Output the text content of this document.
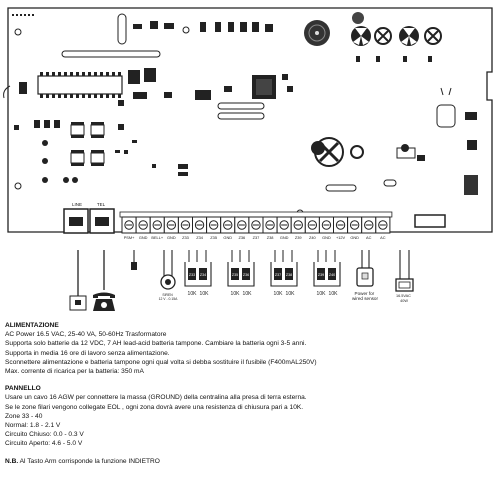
LINE	TEL
PSM+ GND BELL+ GND Z33 Z34 Z35 GND Z36 Z37 Z38 GND Z39 Z40 GND +12V GND AC AC
SIREN 12 V - 0.15A
Z33 Z34
10K 10K
Z35 Z36
10K 10K
Z37 Z38
10K 10K
Z39 Z40
10K 10K	Power for wired sensor	16.5VAC 40W
ALIMENTAZIONE
AC Power 16.5 VAC, 25-40 VA, 50-60Hz Trasformatore
Supporta solo batterie da 12 VDC, 7 AH lead-acid batteria tampone. Cambiare la batteria ogni 3-5 anni.
Supporta in media 16 ore di lavoro senza alimentazione.
Sconnettere alimentazione e batteria tampone ogni qual volta si debba sostituire il fusibile (F400mAL250V)
Max. corrente di ricarica per la batteria: 350 mA
PANNELLO
Usare un cavo 16 AGW per connettere la massa (GROUND) della centralina alla presa di terra esterna.
Se le zone filari vengono collegate EOL , ogni zona dovrà avere una resistenza di chiusura pari a 10K.
Zone 33 - 40
Normal: 1.8 - 2.1 V
Circuito Chiuso: 0.0 - 0.3 V
Circuito Aperto: 4.6 - 5.0 V
N.B. Al Tasto Arm corrisponde la funzione INDIETRO
